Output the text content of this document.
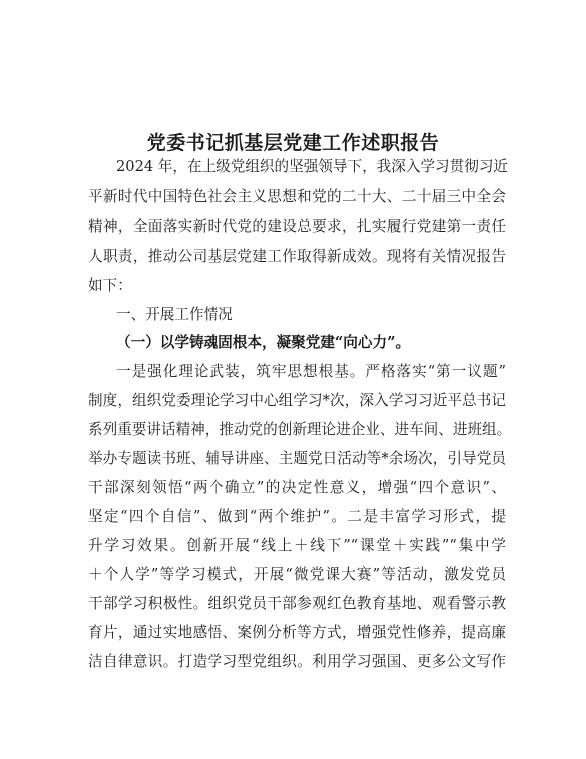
党委书记抓基层党建工作述职报告
2024 年，在上级党组织的坚强领导下，我深入学习贯彻习近
平新时代中国特色社会主义思想和党的二十大、二十届三中全会
精神，全面落实新时代党的建设总要求，扎实履行党建第一责任
人职责，推动公司基层党建工作取得新成效。现将有关情况报告
如下：
一、开展工作情况
（一）以学铸魂固根本，凝聚党建“向心力”。
一是强化理论武装，筑牢思想根基。严格落实“第一议题”
制度，组织党委理论学习中心组学习*次，深入学习习近平总书记
系列重要讲话精神，推动党的创新理论进企业、进车间、进班组。
举办专题读书班、辅导讲座、主题党日活动等*余场次，引导党员
干部深刻领悟“两个确立”的决定性意义，增强“四个意识”、
坚定“四个自信”、做到“两个维护”。二是丰富学习形式，提
升学习效果。创新开展“线上＋线下”“课堂＋实践”“集中学
＋个人学”等学习模式，开展“微党课大赛”等活动，激发党员
干部学习积极性。组织党员干部参观红色教育基地、观看警示教
育片，通过实地感悟、案例分析等方式，增强党性修养，提高廉
洁自律意识。打造学习型党组织。利用学习强国、更多公文写作
